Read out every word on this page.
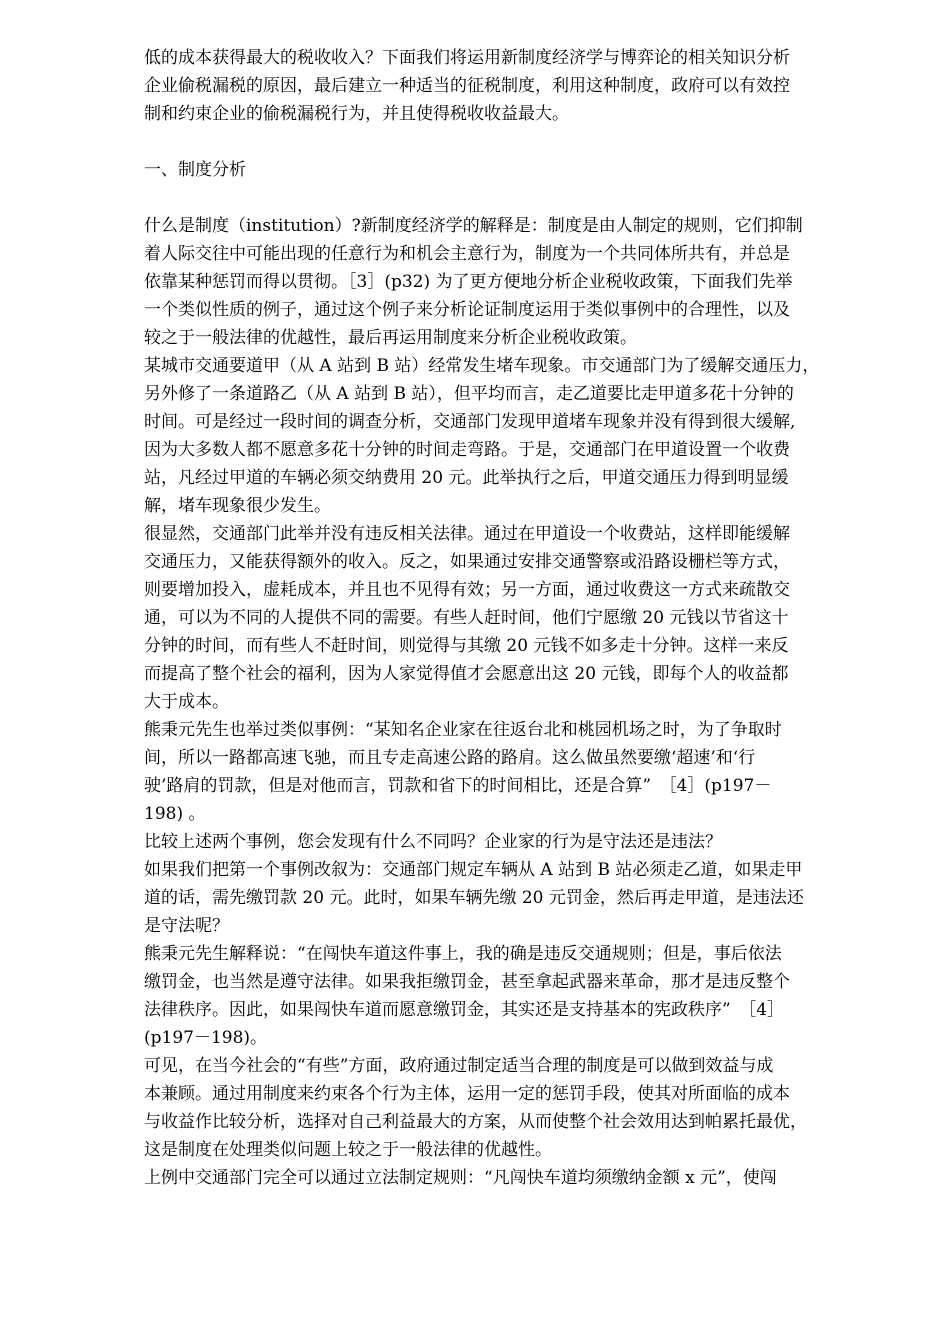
低的成本获得最大的税收收入？下面我们将运用新制度经济学与博弈论的相关知识分析
企业偷税漏税的原因，最后建立一种适当的征税制度，利用这种制度，政府可以有效控
制和约束企业的偷税漏税行为，并且使得税收收益最大。
一、制度分析
什么是制度（institution）?新制度经济学的解释是：制度是由人制定的规则，它们抑制
着人际交往中可能出现的任意行为和机会主意行为，制度为一个共同体所共有，并总是
依靠某种惩罚而得以贯彻。［3］(p32) 为了更方便地分析企业税收政策，下面我们先举
一个类似性质的例子，通过这个例子来分析论证制度运用于类似事例中的合理性，以及
较之于一般法律的优越性，最后再运用制度来分析企业税收政策。
某城市交通要道甲（从 A 站到 B 站）经常发生堵车现象。市交通部门为了缓解交通压力，
另外修了一条道路乙（从 A 站到 B 站），但平均而言，走乙道要比走甲道多花十分钟的
时间。可是经过一段时间的调查分析，交通部门发现甲道堵车现象并没有得到很大缓解,
因为大多数人都不愿意多花十分钟的时间走弯路。于是，交通部门在甲道设置一个收费
站，凡经过甲道的车辆必须交纳费用 20 元。此举执行之后，甲道交通压力得到明显缓
解，堵车现象很少发生。
很显然，交通部门此举并没有违反相关法律。通过在甲道设一个收费站，这样即能缓解
交通压力，又能获得额外的收入。反之，如果通过安排交通警察或沿路设栅栏等方式，
则要增加投入，虚耗成本，并且也不见得有效；另一方面，通过收费这一方式来疏散交
通，可以为不同的人提供不同的需要。有些人赶时间，他们宁愿缴 20 元钱以节省这十
分钟的时间，而有些人不赶时间，则觉得与其缴 20 元钱不如多走十分钟。这样一来反
而提高了整个社会的福利，因为人家觉得值才会愿意出这 20 元钱，即每个人的收益都
大于成本。
熊秉元先生也举过类似事例：“某知名企业家在往返台北和桃园机场之时，为了争取时
间，所以一路都高速飞驰，而且专走高速公路的路肩。这么做虽然要缴‘超速’和‘行
驶’路肩的罚款，但是对他而言，罚款和省下的时间相比，还是合算”　［4］(p197－
198) 。
比较上述两个事例，您会发现有什么不同吗？企业家的行为是守法还是违法？
如果我们把第一个事例改叙为：交通部门规定车辆从 A 站到 B 站必须走乙道，如果走甲
道的话，需先缴罚款 20 元。此时，如果车辆先缴 20 元罚金，然后再走甲道，是违法还
是守法呢？
熊秉元先生解释说：“在闯快车道这件事上，我的确是违反交通规则；但是，事后依法
缴罚金，也当然是遵守法律。如果我拒缴罚金，甚至拿起武器来革命，那才是违反整个
法律秩序。因此，如果闯快车道而愿意缴罚金，其实还是支持基本的宪政秩序”　［4］
(p197－198)。
可见，在当今社会的“有些”方面，政府通过制定适当合理的制度是可以做到效益与成
本兼顾。通过用制度来约束各个行为主体，运用一定的惩罚手段，使其对所面临的成本
与收益作比较分析，选择对自己利益最大的方案，从而使整个社会效用达到帕累托最优，
这是制度在处理类似问题上较之于一般法律的优越性。
上例中交通部门完全可以通过立法制定规则：“凡闯快车道均须缴纳金额 x 元”，使闯
